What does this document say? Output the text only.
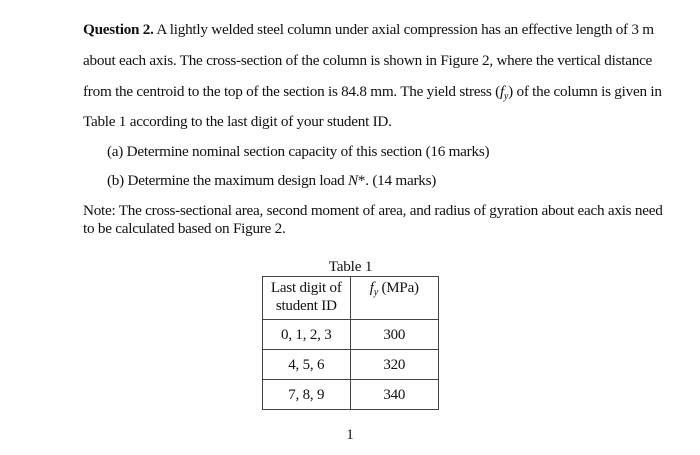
Question 2. A lightly welded steel column under axial compression has an effective length of 3 m
about each axis. The cross-section of the column is shown in Figure 2, where the vertical distance
from the centroid to the top of the section is 84.8 mm. The yield stress $(f_y)$ of the column is given in
Table 1 according to the last digit of your student ID.
(a) Determine nominal section capacity of this section (16 marks)
(b) Determine the maximum design load N*. (14 marks)
Note: The cross-sectional area, second moment of area, and radius of gyration about each axis need
to be calculated based on Figure 2.
Table 1
Last digit of
student ID	$f_y$ (MPa)
0, 1, 2, 3	300
4, 5, 6	320
7, 8, 9	340
1
